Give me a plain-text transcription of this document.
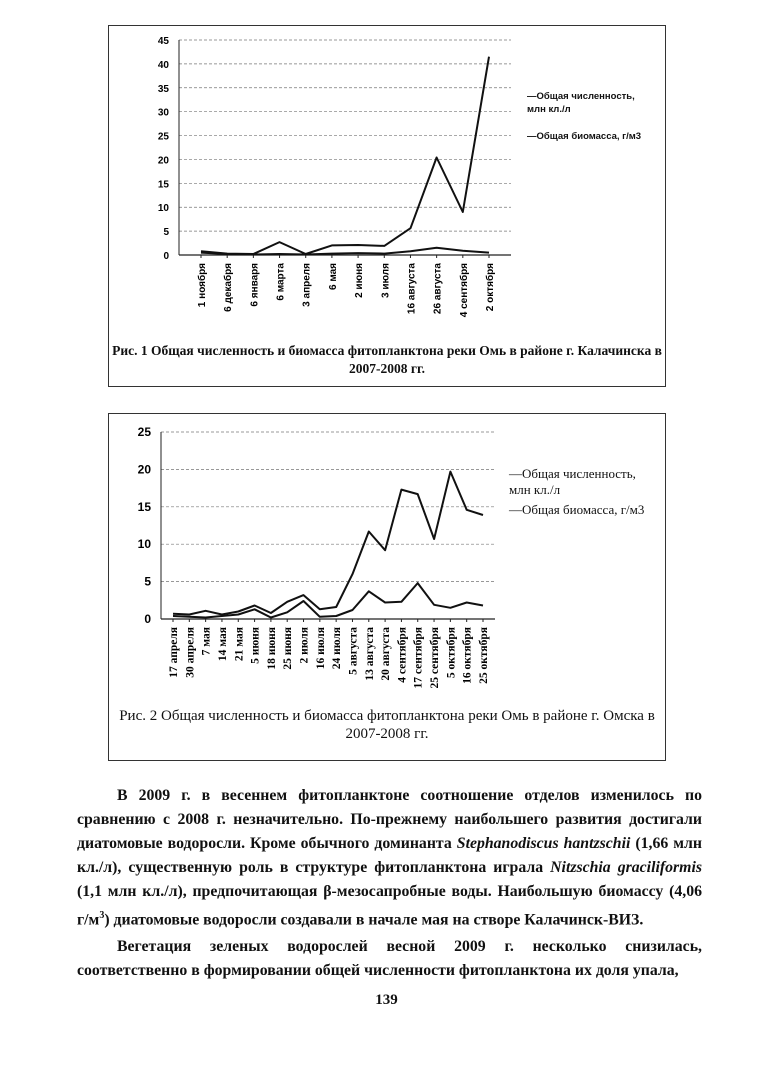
0
5
10
15
20
25
30
35
40
45
1 ноября 6 декабря 6 января 6 марта 3 апреля 6 мая 2 июня 3 июля 16 августа 26 августа 4 сентября 2 октября
—Общая численность, млн кл./л
—Общая биомасса, г/м3
Рис. 1 Общая численность и биомасса фитопланктона реки Омь в районе г. Калачинска в 2007-2008 гг.
0
5
10
15
20
25
17 апреля 30 апреля 7 мая 14 мая 21 мая 5 июня 18 июня 25 июня 2 июля 16 июля 24 июля 5 августа 13 августа 20 августа 4 сентября 17 сентября 25 сентября 5 октября 16 октября 25 октября
—Общая численность, млн кл./л
—Общая биомасса, г/м3
Рис. 2 Общая численность и биомасса фитопланктона реки Омь в районе г. Омска в 2007-2008 гг.

В 2009 г. в весеннем фитопланктоне соотношение отделов изменилось по сравнению с 2008 г. незначительно. По-прежнему наибольшего развития достигали диатомовые водоросли. Кроме обычного доминанта Stephanodiscus hantzschii (1,66 млн кл./л), существенную роль в структуре фитопланктона играла Nitzschia graciliformis (1,1 млн кл./л), предпочитающая β-мезосапробные воды. Наибольшую биомассу (4,06 $г/м^3$) диатомовые водоросли создавали в начале мая на створе Калачинск-ВИЗ.

Вегетация зеленых водорослей весной 2009 г. несколько снизилась, соответственно в формировании общей численности фитопланктона их доля упала,

139
